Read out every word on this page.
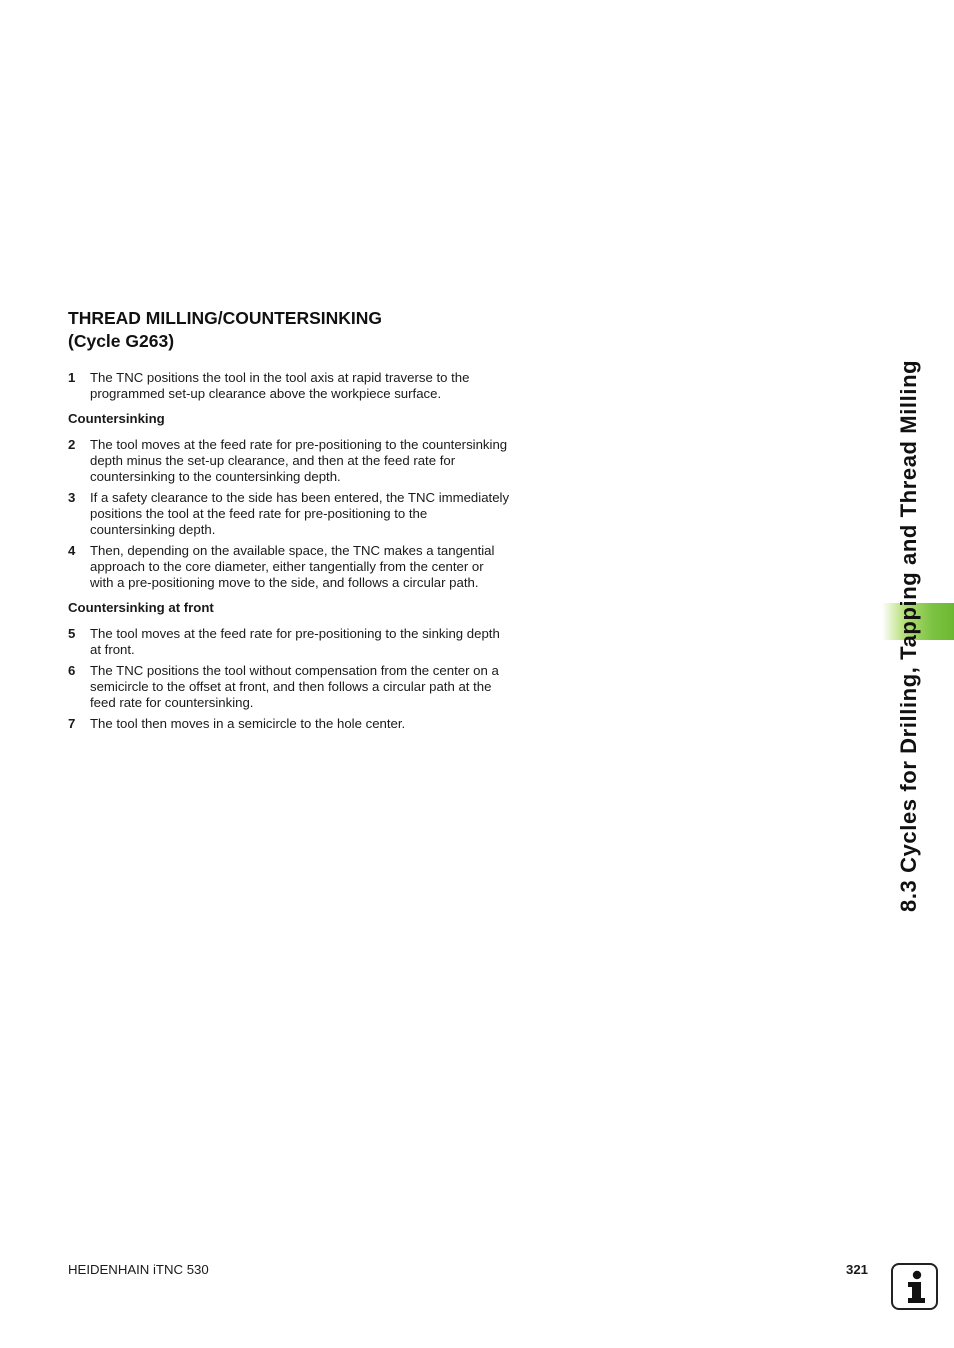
THREAD MILLING/COUNTERSINKING
(Cycle G263)
1	The TNC positions the tool in the tool axis at rapid traverse to the programmed set-up clearance above the workpiece surface.
Countersinking
2	The tool moves at the feed rate for pre-positioning to the countersinking depth minus the set-up clearance, and then at the feed rate for countersinking to the countersinking depth.
3	If a safety clearance to the side has been entered, the TNC immediately positions the tool at the feed rate for pre-positioning to the countersinking depth.
4	Then, depending on the available space, the TNC makes a tangential approach to the core diameter, either tangentially from the center or with a pre-positioning move to the side, and follows a circular path.
Countersinking at front
5	The tool moves at the feed rate for pre-positioning to the sinking depth at front.
6	The TNC positions the tool without compensation from the center on a semicircle to the offset at front, and then follows a circular path at the feed rate for countersinking.
7	The tool then moves in a semicircle to the hole center.	8.3 Cycles for Drilling, Tapping and Thread Milling
HEIDENHAIN iTNC 530	321
